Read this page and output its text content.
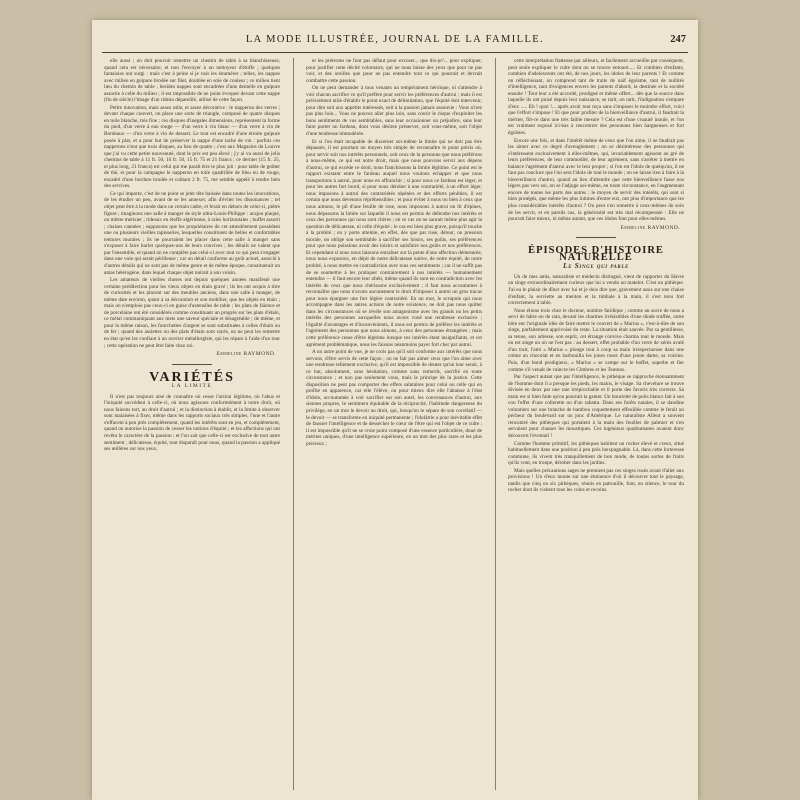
LA MODE ILLUSTRÉE, JOURNAL DE LA FAMILLE.	247

elle aussi ; on doit pouvoir remettre un chemin de table à sa blanchisseuse, quand cela est nécessaire, et non l'envoyer à un nettoyeur d'étoffe ; quelques fantaisies ont surgi : mais c'est à peine si je vais les énumérer ; telles, les nappes avec milieu en guipure brodée sur filet, doublée en soie de couleur ; ce milieu tient lieu du chemin de table ; besides nappes sont encadrées d'une dentelle en guipure assortie à celle du milieu ; il est impossible de ne point évoquer devant cette nappe (fin de siècle) l'image d'un rideau dépareillé, utilisé de cette façon.

Petite innovation, mais assez utile, et assez décorative : le napperon des verres ; devant chaque couvert, on place une sorte de triangle, composé de quatre disques en toile blanche, très fine ; ces disques d'inégales dimensions, représentent la forme du pied, d'un verre à eau rouge — d'un verre à vin blanc — d'un verre à vin de Bordeaux — d'un verre à vin de dessert. Le tout est encadré d'une étroite guipure posée à plat, et a pour but de préserver la nappe d'une tache de vin : parfois ces napperons n'ont que trois disques, au lieu de quatre ; c'est aux Magasins du Louvre que j'ai vu cette petite nouveauté, dont le prix est peu élevé ; j'y ai vu aussi de jolis chemins de table à 11 fr. 50, 16 fr. 50, 15 fr. 75 et 21 francs ; ce dernier (15 fr. 25, et plus long, 21 francs) est celui qui me paraît être le plus joli : pour table de goûter de thé, et pour la campagne le napperon en toile quadrillée de bleu ou de rouge, encadré d'une bordure brodée et coûtant 2 fr. 75, me semble appelé à rendre bien des services.

Ce qui importe, c'est de ne point se jeter tête baissée dans toutes les innovations, de les étudier un peu, avant de se les annexer, afin d'éviter les dissonances ; tel objet peut être à la mode dans un certain cadre, et ferait en dehors de celui-ci, piètre figure ; imaginons une salle à manger de style ultra-Louis-Philippe : acajou plaqué, ou même merisier ; rideaux en étoffe algérienne, à raies horizontales ; buffet assorti ; chaises cannées ; supposons que les propriétaires de cet ameublement possèdent une ou plusieurs vieilles tapisseries, lesquelles constituent de belles et confortables tentures murales ; ils ne pourraient les placer dans cette salle à manger sans s'exposer à faire hurler quelques-uns de leurs convives ; les détails ne valent que par l'ensemble, et quand on ne complète pas celui-ci avec tout ce qui peut s'engager dans une voie qui serait périlleuse ; car un détail conforme au goût actuel, associé à d'autres détails qui ne sont pas de même genre et de même époque, constituerait un amas hétérogène, dans lequel chaque objet nuirait à son voisin.

Les amateurs de vieilles choses ont depuis quelques années manifesté une certaine prédilection pour les vieux objets en étain gravé ; ils les ont acquis à titre de curiosités et les placent sur des meubles anciens, dans une salle à manger, de même date environ, quant à sa décoration et son mobilier, que les objets en étain ; mais on n'emploie pas ceux-ci en guise d'ustensiles de table ; les plats de faïence et de porcelaine ont été considérés comme constituant un progrès sur les plats d'étain, ce métal communiquant aux mets une saveur spéciale et désagréable ; de même, et pour la même raison, les fourchettes d'argent se sont substituées à celles d'étain ou de fer ; quand des assiettes ou des plats d'étain sont rayés, on ne peut les remettre en état qu'en les confiant à un ouvrier métallurgiste, qui les répare à l'aide d'un tour ; cette opération ne peut être faite chez soi.

Emmeline RAYMOND.
VARIÉTÉS
LA LIMITE

Il n'est pas toujours aisé de connaître où cesse l'action légitime, où l'abus et l'iniquité succèdent à celle-ci, où nous agissons conformément à notre droit, où nous faisons tort, au droit d'autrui ; et la distinction à établir, et la limite à observer sont malaisées à fixer, même dans les rapports sociaux très simples, l'une et l'autre s'effacent à peu près complètement, quand les intérêts sont en jeu, et complètement, quand on autorise la passion de cesser les notions d'équité ; et les affections qui ont revêtu le caractère de la passion ; et l'on sait que celle-ci est exclusive de tout autre sentiment ; délicatesse, équité, tout disparaît pour nous, quand la passion a appliqué ses œillères sur nos yeux,

et les prétextes ne font pas défaut pour excuser... que dis-je?... pour expliquer, pour justifier cette décité volontaire, qui ne nous laisse des yeux que pour ne pas voir, et des oreilles que pour ne pas entendre tout ce qui pourrait et devrait combattre cette passion.

On ne peut demander à tous venants un tempérament héroïque, ni s'attendre à voir chacun sacrifier ce qu'il préfère pour servir les préférences d'autrui ; mais il est précisément utile d'établir le point exact de délimitation, que l'équité doit intervenir, pour dire soit aux appétits intéressés, soit à la passion jamais assouvie : Vous n'irez pas plus loin... Vous ne pouvez aller plus loin, sans courir le risque d'exploiter les bons sentiments de vos semblables, sans leur occasionner un préjudice, sans leur faire porter un fardeau, dont vous désirez préserver, soit vous-même, soit l'objet d'une tendresse immodérée.

Et si l'on était incapable de discerner soi-même la limite qui ne doit pas être dépassée, il est pourtant un moyen très simple de reconnaître le point précis où, pour servir soit nos intérêts personnels, soit ceux de la personne que nous préférons à nous-même, ce qui est notre droit, mais que nous pouvons servir aux dépens d'autrui, ce qui excède ce droit, nous franchissons la limite légitime. Ce point est le rapport existant entre le fardeau auquel nous voulons échapper et que nous transportons à autrui, pour nous en affranchir ; si pour nous ce fardeau est léger, et pour les autres fort lourd, si pour nous dérober à une contrariété, à un effort léger, nous imposons à autrui des contrariétés répétées et des efforts pénibles, il est certain que nous devenons répréhensibles ; et pour éviter à nous ou bien à ceux que nous aimons, le pli d'une feuille de rose, nous imposons à autrui un lit d'épines, nous dépassons la limite sur laquelle il nous est permis de défendre nos intérêts et ceux des personnes qui nous sont chères ; en ce cas on ne saurait même plus agir la question de délicatesse, ni celle d'équité ; le cas est bien plus grave, puisqu'il touche à la probité ; on y porte atteinte, en effet, dès que par ruse, détour, ou pression morale, on oblige son semblable à sacrifier ses loisirs, ses goûts, ses préférences pour que nous puissions avoir des loisirs et satisfaire nos goûts et nos préférences. Et cependant si nous nous laissons entraîner sur la pente d'une affection démesurée, nous nous exposons, en dépit de notre délicatesse native, de notre équité, de notre probité, à nous mettre en contradiction avec tous ces sentiments ; car il ne suffit pas de se soumettre à les pratiquer contrairement à nos intérêts — humainement entendus — il faut encore leur obéir, même quand ils sont en contradiction avec les intérêts de ceux que nous chérissons exclusivement ; il faut nous accoutumer à reconnaître que nous n'avons aucunement le droit d'imposer à autrui un gros tracas pour nous épargner une fort légère contrariété. En un mot, le scrupule qui nous accompagne dans les autres actions de notre existence, ne doit pas nous quitter dans les circonstances où se révèle son antagonisme avec les grands ou les petits intérêts des personnes auxquelles nous avons voué une tendresse exclusive ; l'égalité d'avantages et d'inconvénients, il nous est permis de préférer les intérêts et l'agrément des personnes que nous aimons, à ceux des personnes étrangères ; mais cette préférence cesse d'être légitime lorsque ces intérêts étant insignifiants, et cet agrément problématique, nous les faisons néanmoins payer fort cher par autrui.

A un autre point de vue, je ne crois pas qu'il soit conforme aux intérêts que nous servons, d'être servis de cette façon ; on ne fait pas aimer ceux que l'on aime avec une tendresse tellement exclusive, qu'il est impossible de douter qu'on leur serait, à ce but, absolument, sans hésitation, comme sans remords, sacrifié en toute circonstance ; et non pas seulement vous, mais le principe de la justice. Cette disposition ne peut pas comporter des effets salutaires pour celui ou celle qui en profite en apparence, car elle l'élève, ou pour mieux dire elle l'abaisse à l'état d'idole, accoutumée à voir sacrifier sur son autel, les convenances d'autrui, aux siennes propres, le sentiment équitable de la réciprocité, l'habitude dangereuse du privilège, en un mot le devoir au droit, qui, lorsqu'on le sépare de son corrélatif — le devoir — se transforme en iniquité permanente ; l'idolâtrie a pour inévitable effet de fausser l'intelligence et de dessécher le cœur de l'être qui est l'objet de ce culte ; il est impossible qu'il ne se croie point composé d'une essence particulière, doué de mérites uniques, d'une intelligence supérieure, en un mot des plus rares et les plus précieux ;

cette interprétation flatteuse par ailleurs, et facilement accueillie par conséquent, peut seule expliquer le culte dont on se trouve entouré..... Et combien d'enfants, combien d'adolescents ont été, de nos jours, les idoles de leur parents ! Et comme on réfléchissant, on comprend tant de traits de naïf égoïsme, tant de nullités d'intelligence, tant d'exigences envers les parents d'abord, la destinée et la société ensuite ! Tout leur a été accordé, prodigué et même offert... dès que la source dans laquelle ils ont puisé depuis leur naissance, se tarit, on tarit, l'indignation s'empare d'eux ..... Eh ! quoi !... après avoir tout reçu sans s'imposer le moindre effort, voici que l'effort s'impose ! Et que pour profiter de la bienveillance d'autrui, il faudrait la mériter, fût-ce dans une très faible mesure ? Cela est d'une cruauté inouïe, et l'on est vraiment exposé ici-bas à rencontrer des personnes bien hargneuses et fort égoïstes.

Encore une fois, et dans l'intérêt même de ceux que l'on aime, il ne faudrait pas les aimer avec ce degré d'aveuglement ; on se désintéresse des personnes qui s'intéressent exclusivement à elles-mêmes, qui, invariablement agissent au gré de leurs préférences, de leur commodité, de leur agrément, sans s'arrêter à mettre en balance l'agrément d'autrui avec le leur propre ; si l'on est l'idole de quelqu'un, il ne faut pas conclure que l'on sera l'idole de tout le monde ; on ne laisse rien à faire à la bienveillance d'autrui, quand au lieu d'attendre que cette bienveillance fasse nos légers pas vers soi, on se l'adjuge soi-même, en toute circonstance, en l'augmentant encore de toutes les parts des autres ; le moyen de servir des intérêts, qui sont si bien protégés, que même les plus intimes d'entre eux, ont plus d'importance que les plus considérables intérêts d'autrui ? On peut s'en remettre à ceux-mêmes du soin de les servir, et en pareils cas, la générosité est très mal récompensée : Elle ne pourrait faire mieux, ni même autant, que ces idoles font pour elles-mêmes.

Emmeline RAYMOND.
ÉPISODES D'HISTOIRE NATURELLE
Le Singe qui parle

Un de mes amis, naturaliste et médecin distingué, vient de rapporter du Havre un singe extraordinairement curieux que lui a vendu un matelot. C'est un pithèque. J'ai eu le plaisir de dîner avec lui et je dois dire que, gravement assis sur une chaise d'enfant, la serviette au menton et la timbale à la main, il s'est tenu fort correctement à table.

Nous étions trois chez le docteur, nombre fatidique ; comme au sucre de nous a servi de hâtre ou de rata, devant les charmes irrésistibles d'une dinde truffée, notre hôte eut l'originale idée de faire mettre le couvert de « Marius », c'est-à-dire de son singe, parfaitement apprivoisé du reste. La situation était sauvée. Par sa gentillesse, sa tenue, son adresse, son esprit, cet étrange convive charma tout le monde. Mais on est singe ou on ne l'est pas : au dessert, effet probable d'un verre de xérès avalé d'un trait, l'ami « Marius » plonge tout à coup sa main irrespectueuse dans une crème au chocolat et en barbouilla les joues roses d'une jeune dame, sa voisine. Puis, d'un bond prodigieux, « Marius » se campe sur le buffet, superbe et fier comme s'il venait de vaincre les Cimbres et les Teutons.

Par l'aspect autant que par l'intelligence, le pithèque se rapproche étonnamment de l'homme dont il a presque les pieds, les mains, le visage. Sa chevelure se trouve divisée en deux par une raie irréprochable et il porte des favoris très corrects. Sa main est si bien faite qu'on pourrait la ganter. Un bourrelet de poils blancs fait à son cou l'effet d'une collerette ou d'un rabattu. Dans ses forêts natales, il se dandine volontiers sur une branche de bambou coquettement effeuillée comme le ferait un pécheur du boulevard sur un jonc d'Amérique. Le naturaliste Allent a souvent rencontré des pithèques qui portaient à la main des feuilles de palmier et s'en servaient pour chasser les moustiques. Ces ingénieux quadrumanes avaient donc découvert l'éventail !

Comme l'homme primitif, les pithèques habitent un rocher élevé et creux, situé habituellement dans une position à peu près inexpugnable. Là, dans cette forteresse commune, ils vivent très tranquillement de bon mode, de toutes sortes de fruits qu'ils vont, en troupe, dérober dans les jardins.

Mais quelles précautions sages ne prennent pas ces singes rusés avant d'aller aux provisions ! Un d'eux monte sur une éminence d'où il découvre tout le paysage, tandis que cinq ou six pithèques, réunis en patrouille, font, en silence, le tour du rocher dont ils visitent tous les coins et recoins.
